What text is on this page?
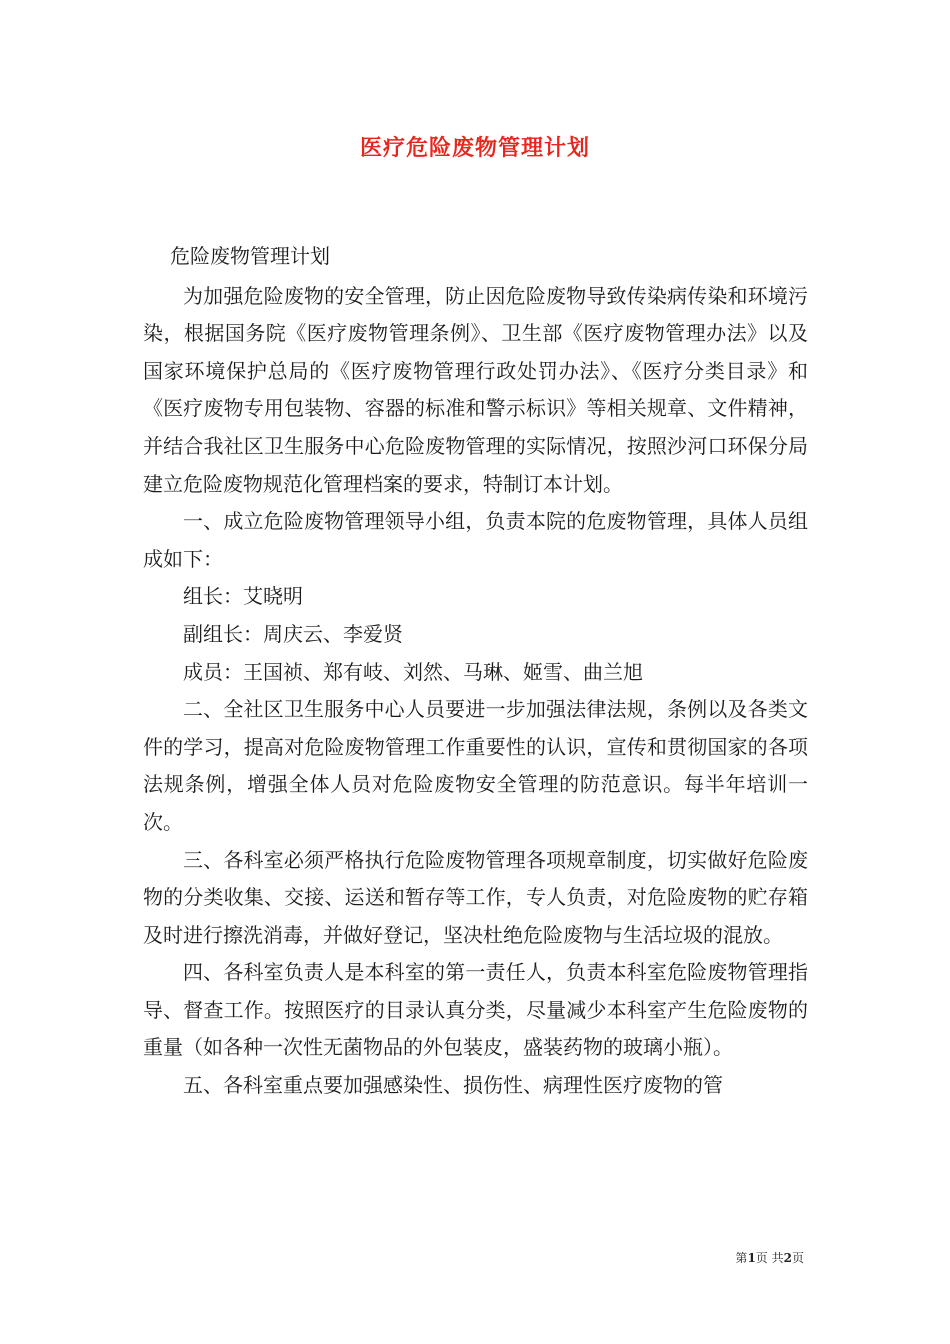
医疗危险废物管理计划

危险废物管理计划

为加强危险废物的安全管理，防止因危险废物导致传染病传染和环境污染，根据国务院《医疗废物管理条例》、卫生部《医疗废物管理办法》以及国家环境保护总局的《医疗废物管理行政处罚办法》、《医疗分类目录》和《医疗废物专用包装物、容器的标准和警示标识》等相关规章、文件精神，并结合我社区卫生服务中心危险废物管理的实际情况，按照沙河口环保分局建立危险废物规范化管理档案的要求，特制订本计划。

一、成立危险废物管理领导小组，负责本院的危废物管理，具体人员组成如下：

组长：艾晓明

副组长：周庆云、李爱贤

成员：王国祯、郑有岐、刘然、马琳、姬雪、曲兰旭

二、全社区卫生服务中心人员要进一步加强法律法规，条例以及各类文件的学习，提高对危险废物管理工作重要性的认识，宣传和贯彻国家的各项法规条例，增强全体人员对危险废物安全管理的防范意识。每半年培训一次。

三、各科室必须严格执行危险废物管理各项规章制度，切实做好危险废物的分类收集、交接、运送和暂存等工作，专人负责，对危险废物的贮存箱及时进行擦洗消毒，并做好登记，坚决杜绝危险废物与生活垃圾的混放。

四、各科室负责人是本科室的第一责任人，负责本科室危险废物管理指导、督查工作。按照医疗的目录认真分类，尽量减少本科室产生危险废物的重量（如各种一次性无菌物品的外包装皮，盛装药物的玻璃小瓶）。

五、各科室重点要加强感染性、损伤性、病理性医疗废物的管

第1页 共2页
